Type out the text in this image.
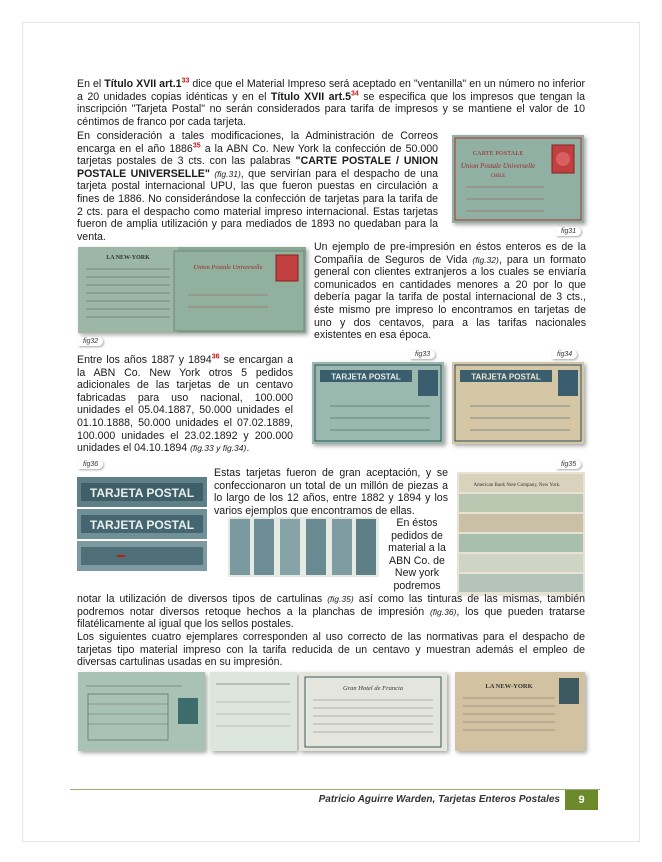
En el Título XVII $art.1^{33}$ dice que el Material Impreso será aceptado en "ventanilla" en un número no inferior a 20 unidades copias idénticas y en el Título XVII $art.5^{34}$ se especifica que los impresos que tengan la inscripción "Tarjeta Postal" no serán considerados para tarifa de impresos y se mantiene el valor de 10 céntimos de franco por cada tarjeta.

En consideración a tales modificaciones, la Administración de Correos encarga en el año 1886$^{35}$ a la ABN Co. New York la confección de 50.000 tarjetas postales de 3 cts. con las palabras "CARTE POSTALE / UNION POSTALE UNIVERSELLE" (fig.31), que servirían para el despacho de una tarjeta postal internacional UPU, las que fueron puestas en circulación a fines de 1886. No considerándose la confección de tarjetas para la tarifa de 2 cts. para el despacho como material impreso internacional. Estas tarjetas fueron de amplia utilización y para mediados de 1893 no quedaban para la venta.

CARTE POSTALE
Union Postale Universelle
CHILE
fig31
LA NEW-YORK
Union Postale Universelle
fig32

Un ejemplo de pre-impresión en éstos enteros es de la Compañía de Seguros de Vida (fig.32), para un formato general con clientes extranjeros a los cuales se enviaría comunicados en cantidades menores a 20 por lo que debería pagar la tarifa de postal internacional de 3 cts., éste mismo pre impreso lo encontramos en tarjetas de uno y dos centavos, para a las tarifas nacionales existentes en esa época.

fig33	fig34
TARJETA POSTAL	TARJETA POSTAL

Entre los años 1887 y 1894$^{36}$ se encargan a la ABN Co. New York otros 5 pedidos adicionales de las tarjetas de un centavo fabricadas para uso nacional, 100.000 unidades el 05.04.1887, 50.000 unidades el 01.10.1888, 50.000 unidades el 07.02.1889, 100.000 unidades el 23.02.1892 y 200.000 unidades el 04.10.1894 (fig.33 y fig.34).

fig36	fig35
TARJETA POSTAL
TARJETA POSTAL
American Bank Note Company, New York.

Estas tarjetas fueron de gran aceptación, y se confeccionaron un total de un millón de piezas a lo largo de los 12 años, entre 1882 y 1894 y los varios ejemplos que encontramos de ellas.

En éstos pedidos de material a la ABN Co. de New york podremos

notar la utilización de diversos tipos de cartulinas (fig.35) así como las tinturas de las mismas, también podremos notar diversos retoque hechos a la planchas de impresión (fig.36), los que pueden tratarse filatélicamente al igual que los sellos postales.

Los siguientes cuatro ejemplares corresponden al uso correcto de las normativas para el despacho de tarjetas tipo material impreso con la tarifa reducida de un centavo y muestran además el empleo de diversas cartulinas usadas en su impresión.

Gran Hotel de Francia	LA NEW-YORK
Patricio Aguirre Warden, Tarjetas Enteros Postales	9
